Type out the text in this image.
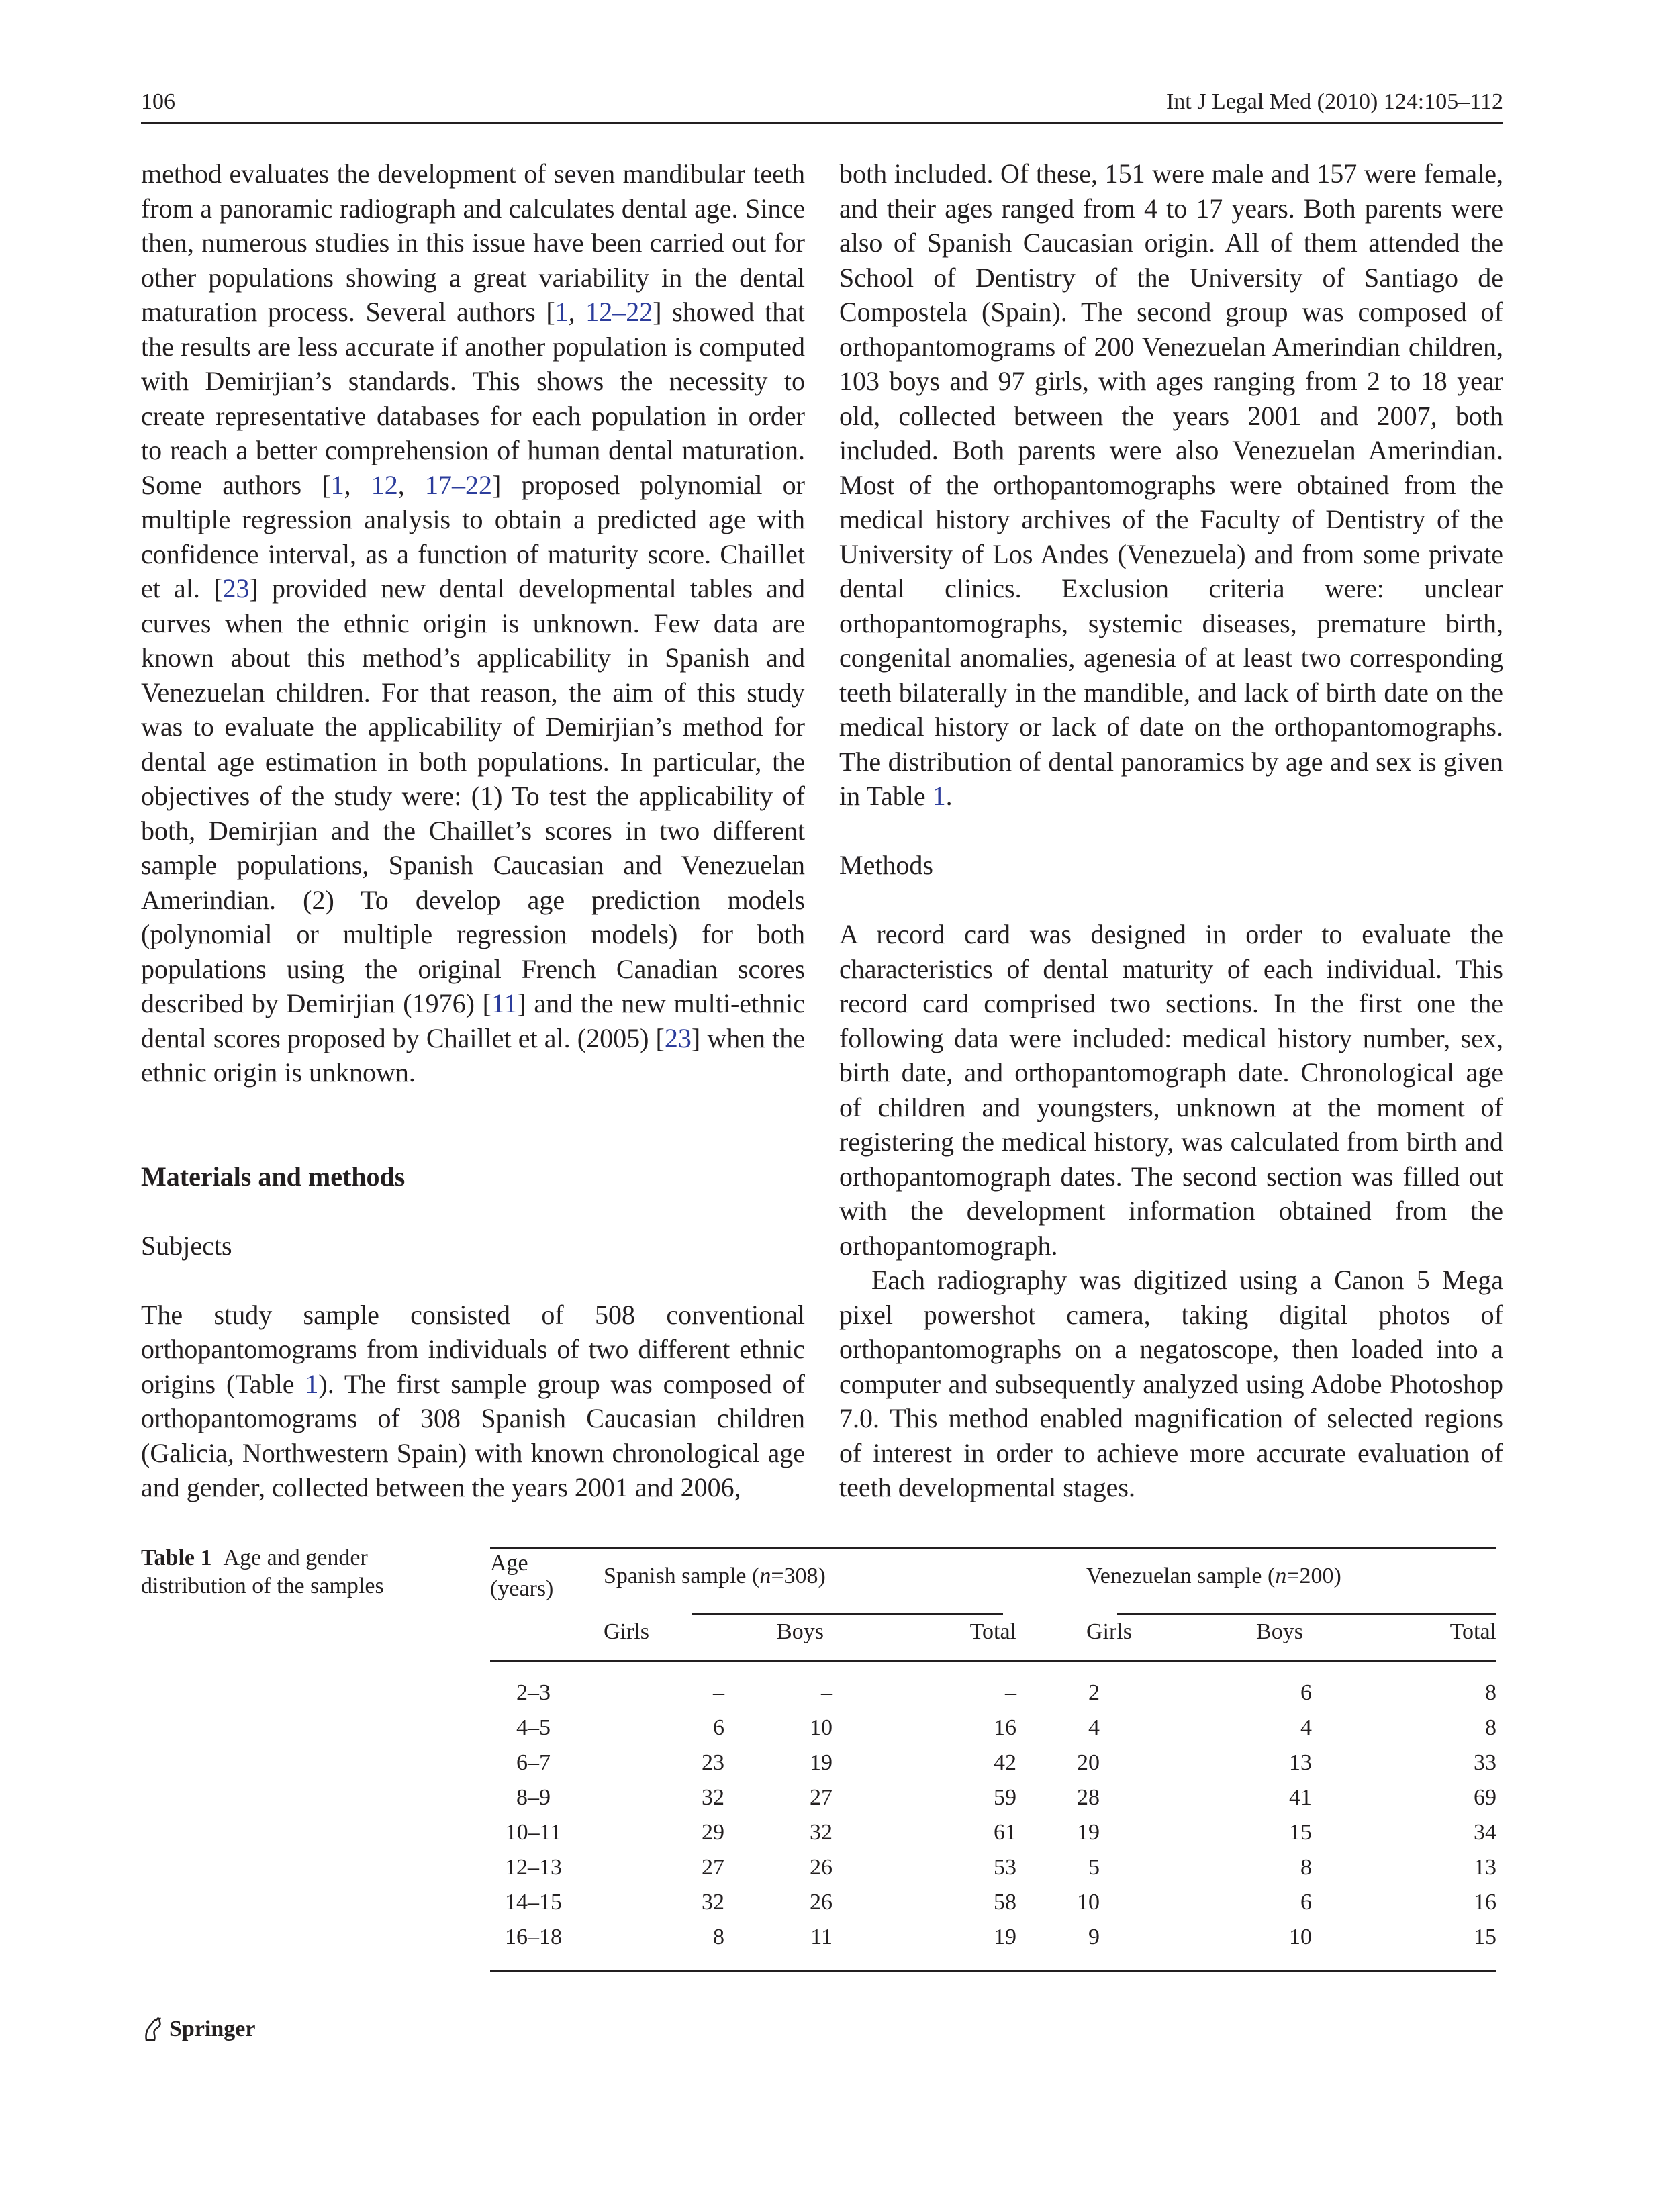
106	Int J Legal Med (2010) 124:105–112

method evaluates the development of seven mandibular teeth from a panoramic radiograph and calculates dental age. Since then, numerous studies in this issue have been carried out for other populations showing a great variability in the dental maturation process. Several authors [1, 12–22] showed that the results are less accurate if another population is computed with Demirjian’s standards. This shows the necessity to create representative databases for each population in order to reach a better comprehension of human dental maturation. Some authors [1, 12, 17–22] proposed polynomial or multiple regression analysis to obtain a predicted age with confidence interval, as a function of maturity score. Chaillet et al. [23] provided new dental developmental tables and curves when the ethnic origin is unknown. Few data are known about this method’s applicability in Spanish and Venezuelan children. For that reason, the aim of this study was to evaluate the applicability of Demirjian’s method for dental age estimation in both populations. In particular, the objectives of the study were: (1) To test the applicability of both, Demirjian and the Chaillet’s scores in two different sample populations, Spanish Caucasian and Venezuelan Amerindian. (2) To develop age prediction models (polynomial or multiple regression models) for both populations using the original French Canadian scores described by Demirjian (1976) [11] and the new multi-ethnic dental scores proposed by Chaillet et al. (2005) [23] when the ethnic origin is unknown.

Materials and methods
Subjects

The study sample consisted of 508 conventional orthopantomograms from individuals of two different ethnic origins (Table 1). The first sample group was composed of orthopantomograms of 308 Spanish Caucasian children (Galicia, Northwestern Spain) with known chronological age and gender, collected between the years 2001 and 2006,

both included. Of these, 151 were male and 157 were female, and their ages ranged from 4 to 17 years. Both parents were also of Spanish Caucasian origin. All of them attended the School of Dentistry of the University of Santiago de Compostela (Spain). The second group was composed of orthopantomograms of 200 Venezuelan Amerindian children, 103 boys and 97 girls, with ages ranging from 2 to 18 year old, collected between the years 2001 and 2007, both included. Both parents were also Venezuelan Amerindian. Most of the orthopantomographs were obtained from the medical history archives of the Faculty of Dentistry of the University of Los Andes (Venezuela) and from some private dental clinics. Exclusion criteria were: unclear orthopantomographs, systemic diseases, premature birth, congenital anomalies, agenesia of at least two corresponding teeth bilaterally in the mandible, and lack of birth date on the medical history or lack of date on the orthopantomographs. The distribution of dental panoramics by age and sex is given in Table 1.

Methods

A record card was designed in order to evaluate the characteristics of dental maturity of each individual. This record card comprised two sections. In the first one the following data were included: medical history number, sex, birth date, and orthopantomograph date. Chronological age of children and youngsters, unknown at the moment of registering the medical history, was calculated from birth and orthopantomograph dates. The second section was filled out with the development information obtained from the orthopantomograph.

Each radiography was digitized using a Canon 5 Mega pixel powershot camera, taking digital photos of orthopantomographs on a negatoscope, then loaded into a computer and subsequently analyzed using Adobe Photoshop 7.0. This method enabled magnification of selected regions of interest in order to achieve more accurate evaluation of teeth developmental stages.

Table 1 Age and gender distribution of the samples
Age (years)	Spanish sample (n=308)			Venezuelan sample (n=200)		

Girls	Boys	Total	Girls	Boys	Total
2–3	–	–	–	2	6	8
4–5	6	10	16	4	4	8
6–7	23	19	42	20	13	33
8–9	32	27	59	28	41	69
10–11	29	32	61	19	15	34
12–13	27	26	53	5	8	13
14–15	32	26	58	10	6	16
16–18	8	11	19	9	10	15
Springer
